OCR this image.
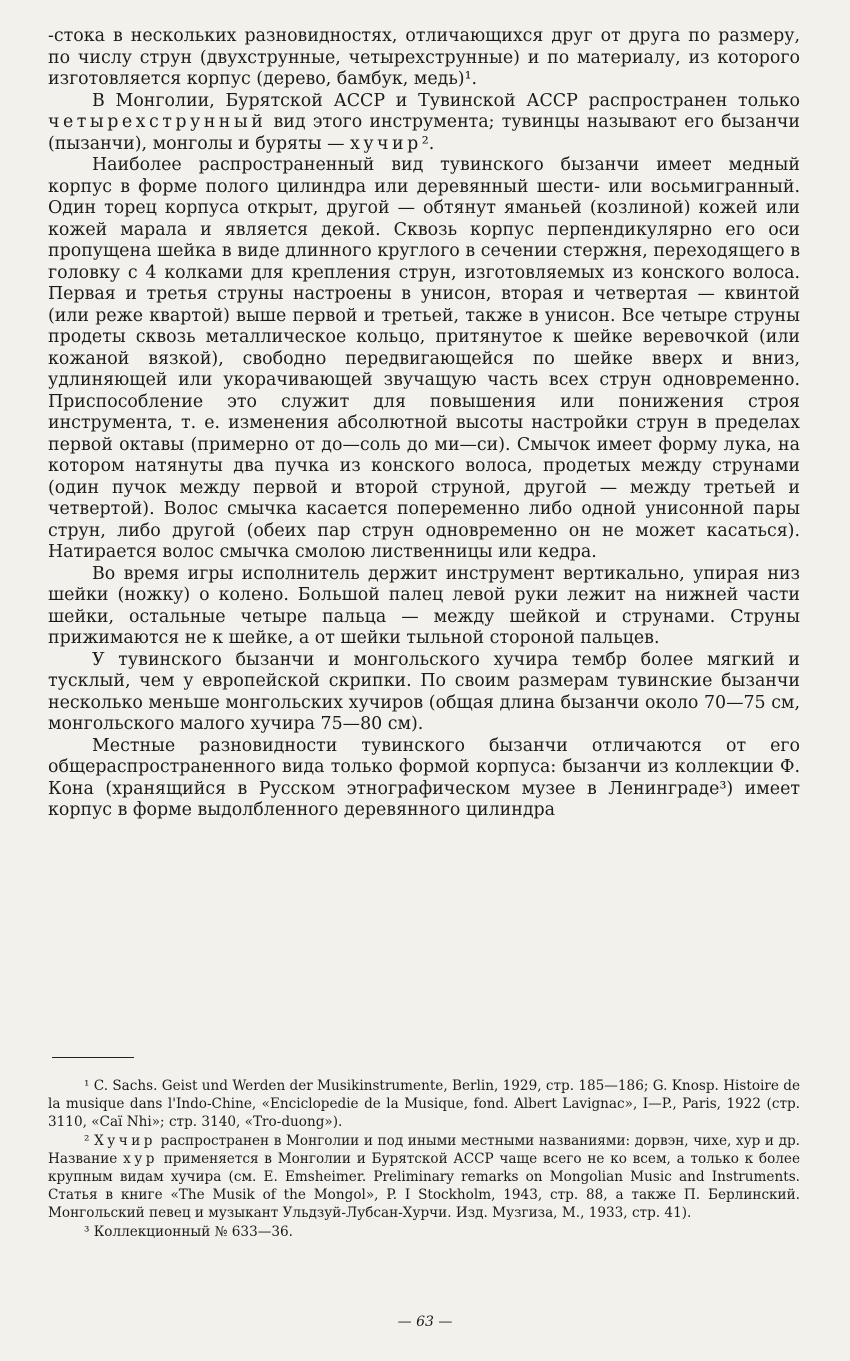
-стока в нескольких разновидностях, отличающихся друг от друга по размеру, по числу струн (двухструнные, четырехструнные) и по материалу, из которого изготовляется корпус (дерево, бамбук, медь)¹.

В Монголии, Бурятской АССР и Тувинской АССР распространен только четырехструнный вид этого инструмента; тувинцы называют его бызанчи (пызанчи), монголы и буряты — хучир².

Наиболее распространенный вид тувинского бызанчи имеет медный корпус в форме полого цилиндра или деревянный шести- или восьмигранный. Один торец корпуса открыт, другой — обтянут яманьей (козлиной) кожей или кожей марала и является декой. Сквозь корпус перпендикулярно его оси пропущена шейка в виде длинного круглого в сечении стержня, переходящего в головку с 4 колками для крепления струн, изготовляемых из конского волоса. Первая и третья струны настроены в унисон, вторая и четвертая — квинтой (или реже квартой) выше первой и третьей, также в унисон. Все четыре струны продеты сквозь металлическое кольцо, притянутое к шейке веревочкой (или кожаной вязкой), свободно передвигающейся по шейке вверх и вниз, удлиняющей или укорачивающей звучащую часть всех струн одновременно. Приспособление это служит для повышения или понижения строя инструмента, т. е. изменения абсолютной высоты настройки струн в пределах первой октавы (примерно от до—соль до ми—си). Смычок имеет форму лука, на котором натянуты два пучка из конского волоса, продетых между струнами (один пучок между первой и второй струной, другой — между третьей и четвертой). Волос смычка касается попеременно либо одной унисонной пары струн, либо другой (обеих пар струн одновременно он не может касаться). Натирается волос смычка смолою лиственницы или кедра.

Во время игры исполнитель держит инструмент вертикально, упирая низ шейки (ножку) о колено. Большой палец левой руки лежит на нижней части шейки, остальные четыре пальца — между шейкой и струнами. Струны прижимаются не к шейке, а от шейки тыльной стороной пальцев.

У тувинского бызанчи и монгольского хучира тембр более мягкий и тусклый, чем у европейской скрипки. По своим размерам тувинские бызанчи несколько меньше монгольских хучиров (общая длина бызанчи около 70—75 см, монгольского малого хучира 75—80 см).

Местные разновидности тувинского бызанчи отличаются от его общераспространенного вида только формой корпуса: бызанчи из коллекции Ф. Кона (хранящийся в Русском этнографическом музее в Ленинграде³) имеет корпус в форме выдолбленного деревянного цилиндра

¹ C. Sachs. Geist und Werden der Musikinstrumente, Berlin, 1929, стр. 185—186; G. Knosp. Histoire de la musique dans l'Indo-Chine, «Enciclopedie de la Musique, fond. Albert Lavignac», I—P., Paris, 1922 (стр. 3110, «Caï Nhi»; стр. 3140, «Tro-duong»).

² Хучир распространен в Монголии и под иными местными названиями: дорвэн, чихе, хур и др. Название хур применяется в Монголии и Бурятской АССР чаще всего не ко всем, а только к более крупным видам хучира (см. E. Emsheimer. Preliminary remarks on Mongolian Music and Instruments. Статья в книге «The Musik of the Mongol», P. I Stockholm, 1943, стр. 88, а также П. Берлинский. Монгольский певец и музыкант Ульдзуй-Лубсан-Хурчи. Изд. Музгиза, М., 1933, стр. 41).

³ Коллекционный № 633—36.

— 63 —
